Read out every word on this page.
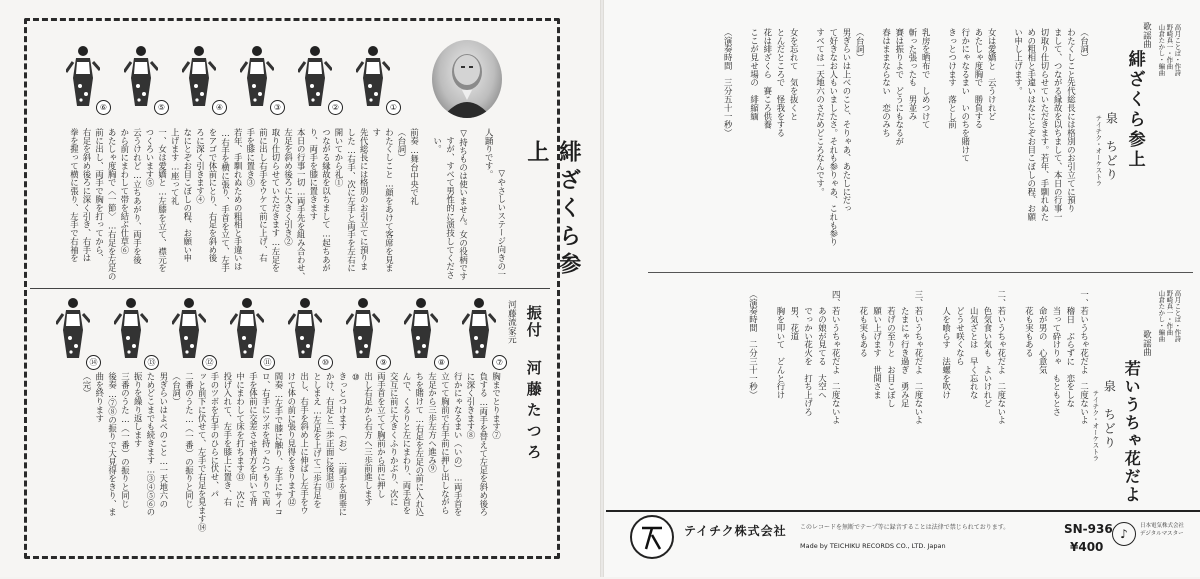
緋ざくら参上
振付
河藤たつろ
河藤流家元

▽やさしいステージ向きの一人踊りです。

▽持ちものは使いません。女の役柄です
　すが、すべて男性的に演技してくださ
　い。
前奏…舞台中央で礼
（台詞）
わたくしこと…顔をあけて客席を見ま
す
先代総長には格別のお引立てに預りま
した…右手、次に左手と両手を左右に
開いてから礼①
つながる縁故を以ちまして…起ちあが
り、両手を膝に置きます
本日の行事一切…両手先を組み合わせ、
左足を斜め後ろに大きく引き②
取り仕切らせていただきます…左足を
前に出し右手をウケて前に上げ、右
手を膝に置き③
若年、手馴れぬための粗相と手違いは
…右手を横に張り、手首を立て、左手
をアゴで体前にとり、右足を斜め後
ろに深く引きます④
なにとぞお目こぼしの程、お願い申
上げます…座って礼
一、女は愛嬌と…左膝を立て、襟元を
つくろいます⑤
云うけれど…立ちあがり、両手を後
から前にまわして帯を結ぶ仕草⑥
あたしゃ度胸で〈一節〉…右足を左足の
前に出し、両手で胸を打ってから、
右足を斜め後ろに深く引き、右手は
拳を握って横に張り、左手で右袖を
①
②
③
④
⑤
⑥
⑦
⑧
⑨
⑩
⑪
⑫
⑬
⑭
胸までとります⑦
負する…両手を替えて左足を斜め後ろ
に深く引きます⑧
行かにゃなるまい（いの）…両手首を
立てて胸前で右手前に押し出しながら
左足から三歩左方へ進み⑨
ちを賭けて…右足を左足の前に入れ込
んで、くるりと左にまわり、両手首を
交互に前に大きくふりかぶり、次に
両手首を立てて胸前から前に押し
出し右足から右方へ三歩前進します
⑩
きっとつけます（お）…両手を前垂に
かけ、右足と二歩正面に後退⑪
としまえ…左足を上げて二歩右足を
出し、右手を斜め上に伸ばし左手をウ
けて体の前に張り見得をきります⑫
間奏…左手で膝に触り、左手にサイコ
ロ、右手にツボを持ったつもりで両
手を体前に交差させ背方を向いて背
中にまわして床を打ちます⑬ 次に
投げ入れて、左手を膝上に置き、右
手のツボを右手のひらに伏せ、パ
ッと前下に伏せて、左手で右足を見ます⑭
二番のうた…（一番）の振りと同じ
（台詞）
男ぎらいはよべのこと…一天地六の
ためどこまでも続きます…③④⑤⑥の
振りを繰り返します
三番のうた…（一番）の振りと同じ
後奏…⑦⑧の振りで大見得をきり、ま
曲を終ります
（完）
高月ことば・作詩
野崎真一・作曲
山倉たかし・編曲
歌謡曲
緋ざくら参上
泉　ちどり
テイチク・オーケストラ
（台詞）
わたくしこと先代総長には格別のお引立てに預り
まして、つながる縁故を以ちまして、本日の行事一
切取り仕切らせていただきます。若年、手馴れぬた
めの粗相と手違いはなにとぞお目こぼしの程、お願
い申し上げます。
女は愛嬌と　云うけれど
あたしゃ度胸で　勝負する
行かにゃなるまい　いのちを賭けて
きっとつけます　落とし前
乳房を晒布で　しめつけて
斬った張ったも　男並み
賽は振りよで　どうにもなるが
春はままならない　恋のみち
（台詞）
男ぎらいは上べのこと、そりゃあ、あたしにだっ
て好きなお人もいましたさ。それも参りゃあ、これも参り
すべては一天地六のさだめどころなんです。
女を忘れて　気を抜くと
とんだところで　怪我をする
花は緋ざくら　賽ころ供養
ここが見せ場の　緋縮緬
（演奏時間　三分五十一秒）
高月ことば・作詩
野崎真一・作曲
山倉たかし・編曲
歌謡曲
若いうちゃ花だよ
泉　ちどり
テイチク・オーケストラ
一、若いうちゃ花だよ　二度ないよ
　　稽日　ぶらずに　恋をしな
　　当って砕けりゃ　もともとさ
　　命が男の　心意気
　　花も実もある
二、若いうちゃ花だよ　二度ないよ
　　色気食い気も　よいけれど
　　山気ざとは　早く忘れな
　　どうせ咲くなら
　　人を喰らす　法螺を吹け
三、若いうちゃ花だよ　二度ないよ
　　たまにゃ行き過ぎ　勇み足
　　若げの至りと　お目こぼし
　　願い上げます　世間さま
　　花も実もある
四、若いうちゃ花だよ　二度ないよ
　　あの娘が見てる　大空へ
　　でっかい花火を　打ち上げろ
　　男、花道
　　胸を叩いて　どんと行け
（演奏時間　二分三十一秒）
テイチク株式会社 このレコードを無断でテープ等に録音することは法律で禁じられております。
Made by TEICHIKU RECORDS CO., LTD. Japan
SN-936
¥400
♪
日本電気株式会社
デジタルマスター
